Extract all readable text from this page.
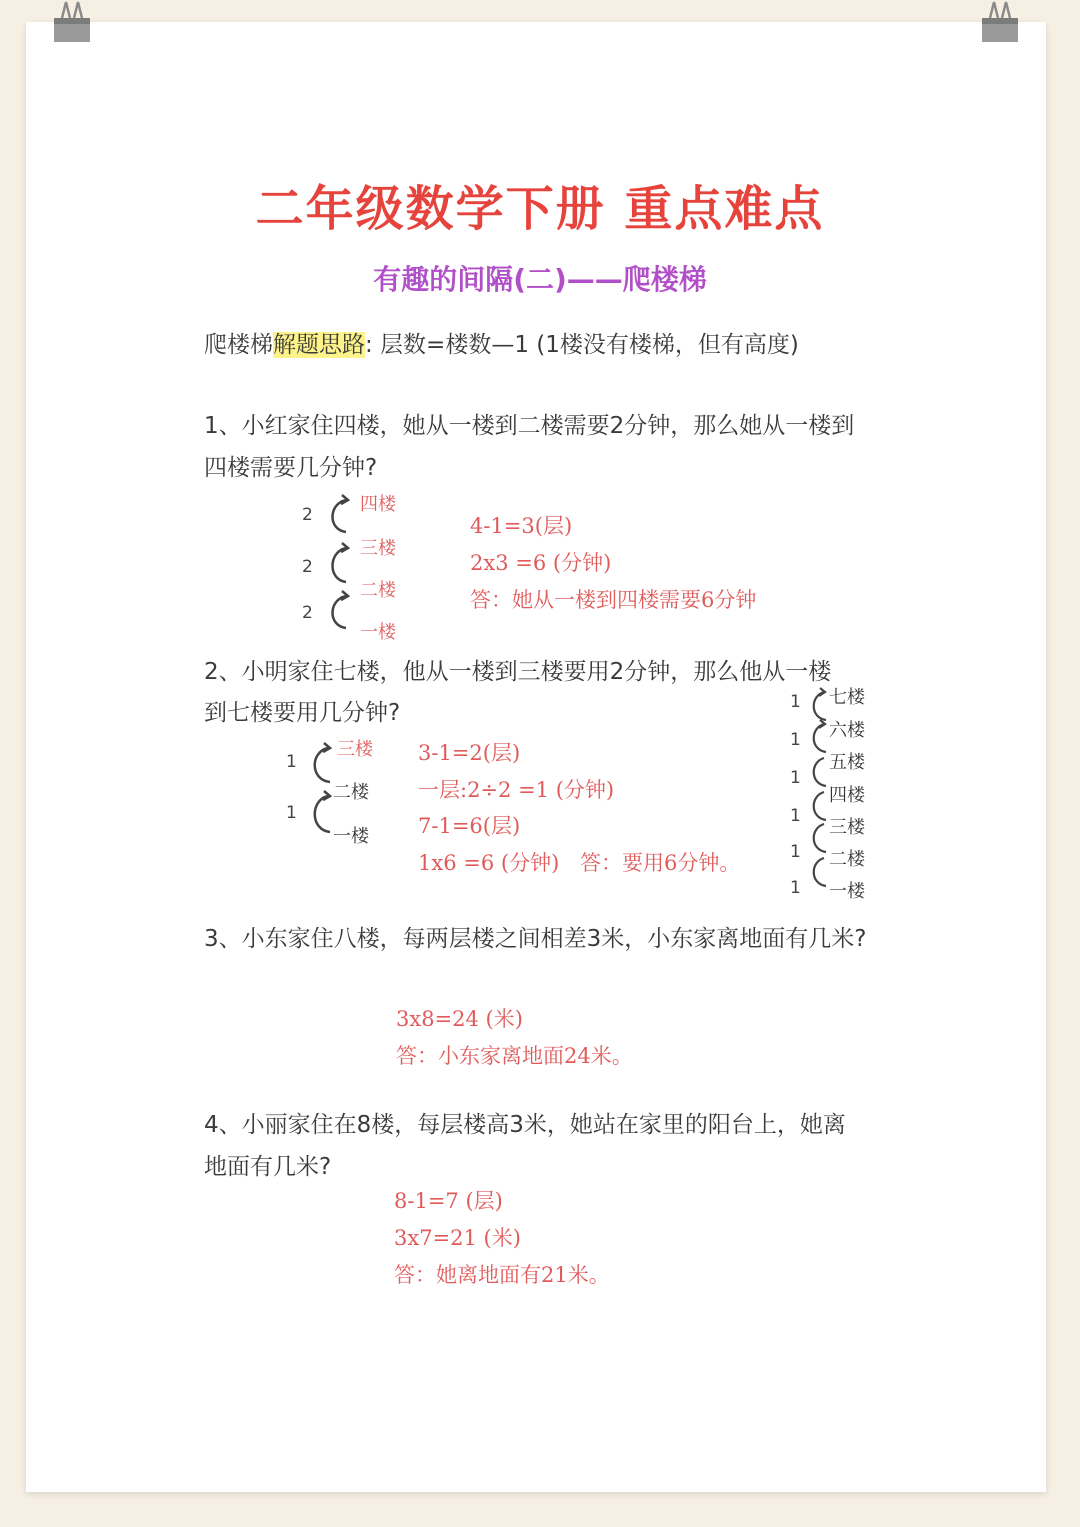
二年级数学下册 重点难点
有趣的间隔(二)——爬楼梯
爬楼梯解题思路: 层数=楼数—1 (1楼没有楼梯，但有高度)
1、小红家住四楼，她从一楼到二楼需要2分钟，那么她从一楼到
四楼需要几分钟?
四楼
三楼
二楼
一楼
2
2
2
4-1=3(层)
2x3 =6 (分钟)
答：她从一楼到四楼需要6分钟
2、小明家住七楼，他从一楼到三楼要用2分钟，那么他从一楼
到七楼要用几分钟?
三楼
二楼
一楼
1
1
3-1=2(层)
一层:2÷2 =1 (分钟)
7-1=6(层)
1x6 =6 (分钟) 答：要用6分钟。
七楼
六楼
五楼
四楼
三楼
二楼
一楼
1
1
1
1
1
1
3、小东家住八楼，每两层楼之间相差3米，小东家离地面有几米?
3x8=24 (米)
答：小东家离地面24米。
4、小丽家住在8楼，每层楼高3米，她站在家里的阳台上，她离
地面有几米?
8-1=7 (层)
3x7=21 (米)
答：她离地面有21米。
